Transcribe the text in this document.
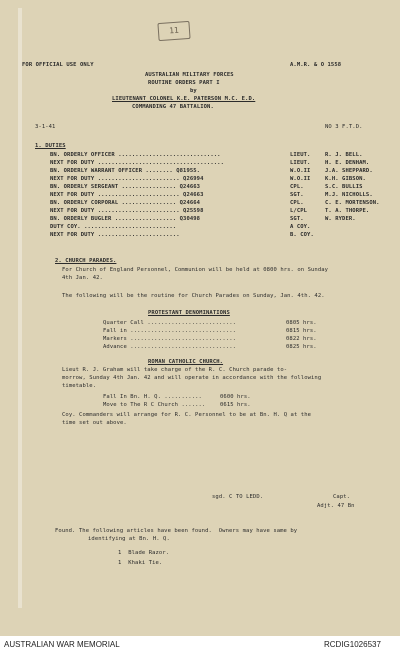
11
FOR OFFICIAL USE ONLY	A.M.R. & O 1558
AUSTRALIAN MILITARY FORCES
ROUTINE ORDERS PART I
by
LIEUTENANT COLONEL K.E. PATERSON M.C. E.D.
COMMANDING 47 BATTALION.
3-1-41	NO 3 F.T.D.
1. DUTIES
BN. ORDERLY OFFICER ..............................	LIEUT.	R. J. BELL.
NEXT FOR DUTY .....................................	LIEUT.	H. E. DENHAM.
BN. ORDERLY WARRANT OFFICER ........ Q81955.	W.O.II	J.A. SHEPPARD.
NEXT FOR DUTY ........................ Q26994	W.O.II	K.H. GIBSON.
BN. ORDERLY SERGEANT ................ Q24663	CPL.	S.C. BULLIS
NEXT FOR DUTY ........................ Q24663	SGT.	M.J. NICHOLLS.
BN. ORDERLY CORPORAL ................ Q24664	CPL.	C. E. MORTENSON.
NEXT FOR DUTY ........................ Q25598	L/CPL	T. A. THORPE.
BN. ORDERLY BUGLER .................. Q30498	SGT.	W. RYDER.
DUTY COY. ...........................	A COY.
NEXT FOR DUTY ........................	B. COY.
2. CHURCH PARADES.
For Church of England Personnel, Communion will be held at 0800 hrs. on Sunday
4th Jan. 42.
The following will be the routine for Church Parades on Sunday, Jan. 4th. 42.
PROTESTANT DENOMINATIONS
Quarter Call ..........................	0805 hrs.
Fall in ...............................	0815 hrs.
Markers ...............................	0822 hrs.
Advance ...............................	0825 hrs.
ROMAN CATHOLIC CHURCH.
Lieut R. J. Graham will take charge of the R. C. Church parade to-
morrow, Sunday 4th Jan. 42 and will operate in accordance with the following
timetable.
Fall In Bn. H. Q. ...........	0600 hrs.
Move to The R C Church .......	0615 hrs.
Coy. Commanders will arrange for R. C. Personnel to be at Bn. H. Q at the
time set out above.
sgd. C TO LEDD.	Capt.
Adjt. 47 Bn
Found. The following articles have been found.  Owners may have same by
identifying at Bn. H. Q.
1  Blade Razor.
1  Khaki Tie.
AUSTRALIAN WAR MEMORIAL	RCDIG1026537
